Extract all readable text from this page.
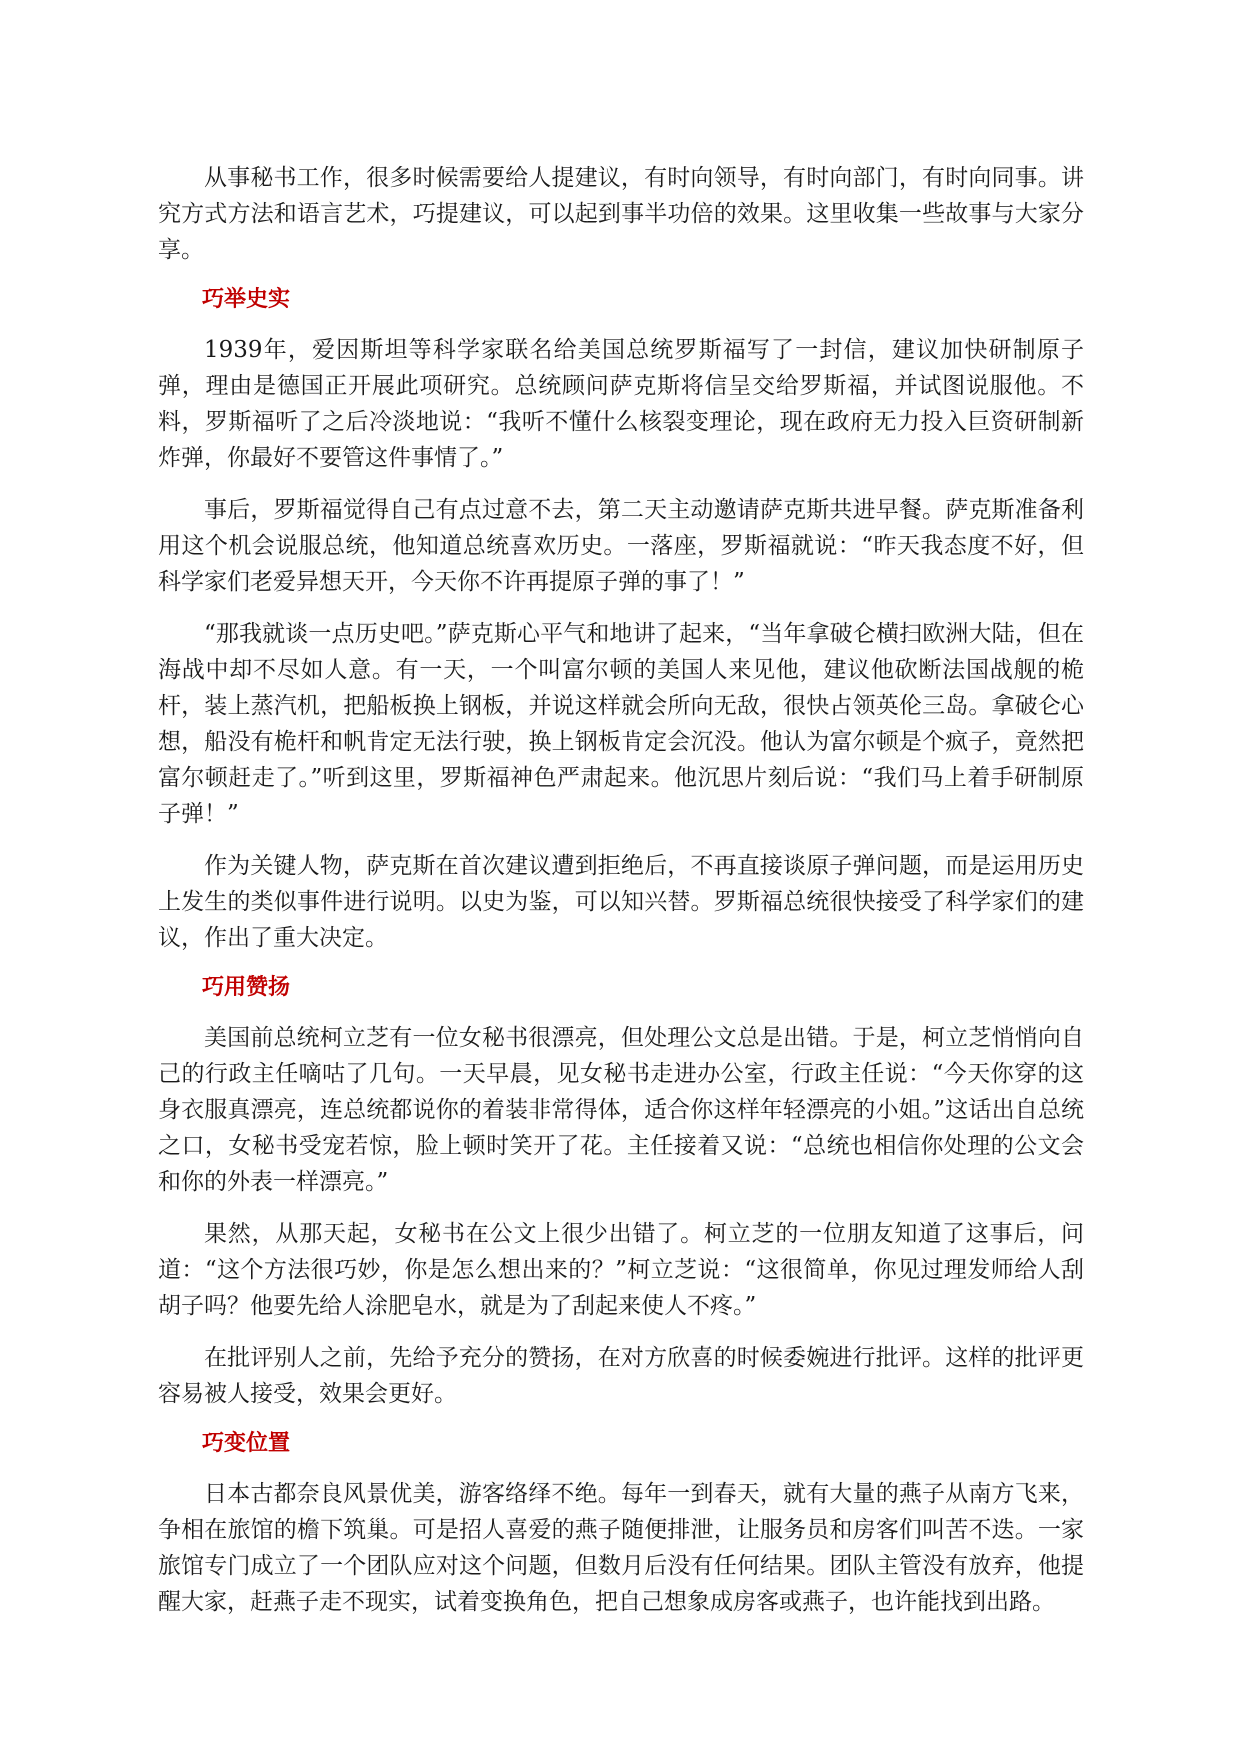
从事秘书工作，很多时候需要给人提建议，有时向领导，有时向部门，有时向同事。讲究方式方法和语言艺术，巧提建议，可以起到事半功倍的效果。这里收集一些故事与大家分享。

巧举史实

1939年，爱因斯坦等科学家联名给美国总统罗斯福写了一封信，建议加快研制原子弹，理由是德国正开展此项研究。总统顾问萨克斯将信呈交给罗斯福，并试图说服他。不料，罗斯福听了之后冷淡地说：“我听不懂什么核裂变理论，现在政府无力投入巨资研制新炸弹，你最好不要管这件事情了。”

事后，罗斯福觉得自己有点过意不去，第二天主动邀请萨克斯共进早餐。萨克斯准备利用这个机会说服总统，他知道总统喜欢历史。一落座，罗斯福就说：“昨天我态度不好，但科学家们老爱异想天开，今天你不许再提原子弹的事了！”

“那我就谈一点历史吧。”萨克斯心平气和地讲了起来，“当年拿破仑横扫欧洲大陆，但在海战中却不尽如人意。有一天，一个叫富尔顿的美国人来见他，建议他砍断法国战舰的桅杆，装上蒸汽机，把船板换上钢板，并说这样就会所向无敌，很快占领英伦三岛。拿破仑心想，船没有桅杆和帆肯定无法行驶，换上钢板肯定会沉没。他认为富尔顿是个疯子，竟然把富尔顿赶走了。”听到这里，罗斯福神色严肃起来。他沉思片刻后说：“我们马上着手研制原子弹！”

作为关键人物，萨克斯在首次建议遭到拒绝后，不再直接谈原子弹问题，而是运用历史上发生的类似事件进行说明。以史为鉴，可以知兴替。罗斯福总统很快接受了科学家们的建议，作出了重大决定。

巧用赞扬

美国前总统柯立芝有一位女秘书很漂亮，但处理公文总是出错。于是，柯立芝悄悄向自己的行政主任嘀咕了几句。一天早晨，见女秘书走进办公室，行政主任说：“今天你穿的这身衣服真漂亮，连总统都说你的着装非常得体，适合你这样年轻漂亮的小姐。”这话出自总统之口，女秘书受宠若惊，脸上顿时笑开了花。主任接着又说：“总统也相信你处理的公文会和你的外表一样漂亮。”

果然，从那天起，女秘书在公文上很少出错了。柯立芝的一位朋友知道了这事后，问道：“这个方法很巧妙，你是怎么想出来的？”柯立芝说：“这很简单，你见过理发师给人刮胡子吗？他要先给人涂肥皂水，就是为了刮起来使人不疼。”

在批评别人之前，先给予充分的赞扬，在对方欣喜的时候委婉进行批评。这样的批评更容易被人接受，效果会更好。

巧变位置

日本古都奈良风景优美，游客络绎不绝。每年一到春天，就有大量的燕子从南方飞来，争相在旅馆的檐下筑巢。可是招人喜爱的燕子随便排泄，让服务员和房客们叫苦不迭。一家旅馆专门成立了一个团队应对这个问题，但数月后没有任何结果。团队主管没有放弃，他提醒大家，赶燕子走不现实，试着变换角色，把自己想象成房客或燕子，也许能找到出路。
